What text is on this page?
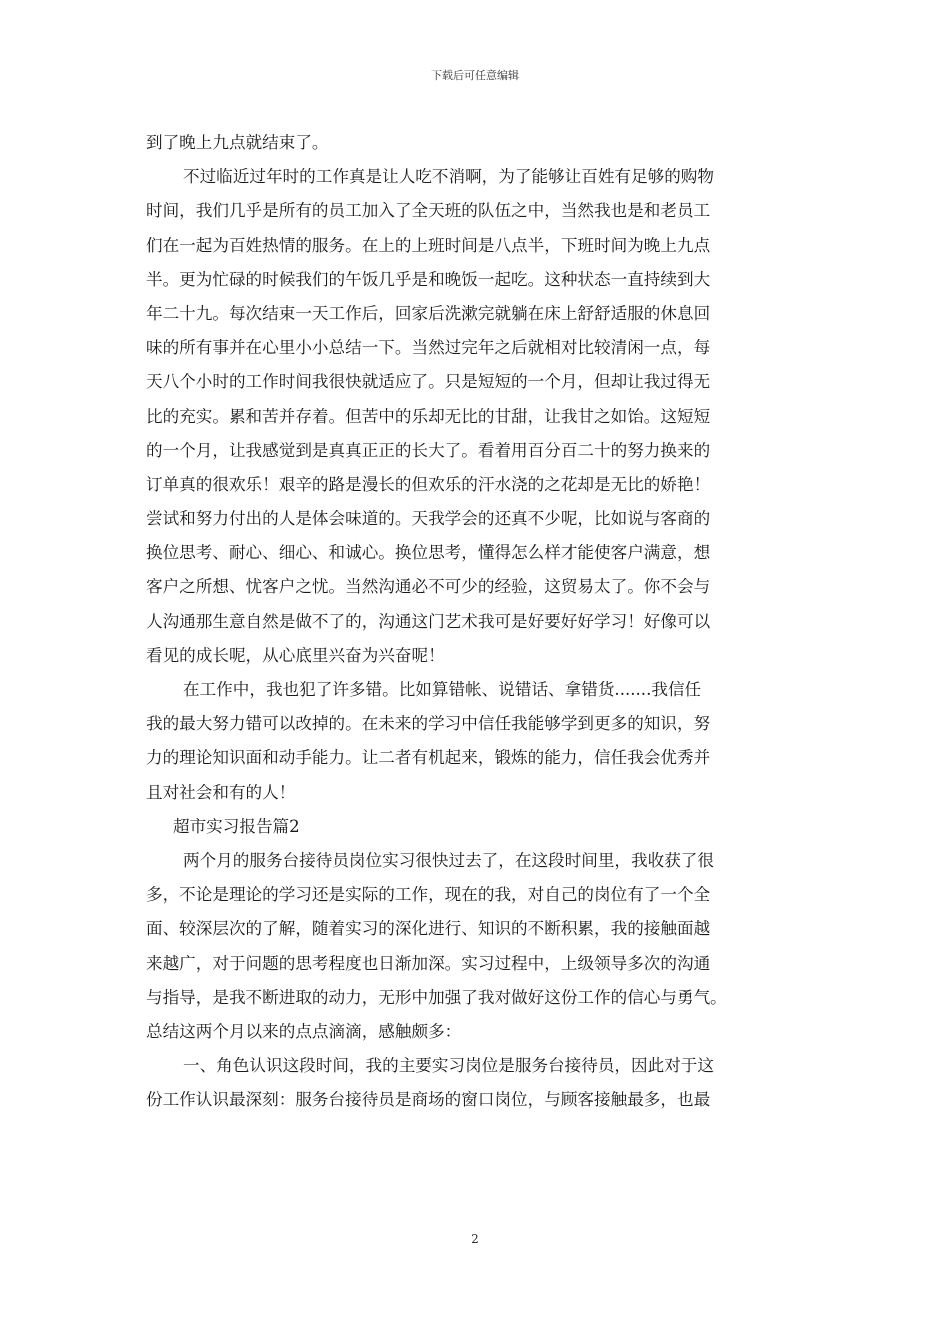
下载后可任意编辑
到了晚上九点就结束了。
不过临近过年时的工作真是让人吃不消啊，为了能够让百姓有足够的购物
时间，我们几乎是所有的员工加入了全天班的队伍之中，当然我也是和老员工
们在一起为百姓热情的服务。在上的上班时间是八点半，下班时间为晚上九点
半。更为忙碌的时候我们的午饭几乎是和晚饭一起吃。这种状态一直持续到大
年二十九。每次结束一天工作后，回家后洗漱完就躺在床上舒舒适服的休息回
味的所有事并在心里小小总结一下。当然过完年之后就相对比较清闲一点，每
天八个小时的工作时间我很快就适应了。只是短短的一个月，但却让我过得无
比的充实。累和苦并存着。但苦中的乐却无比的甘甜，让我甘之如饴。这短短
的一个月，让我感觉到是真真正正的长大了。看着用百分百二十的努力换来的
订单真的很欢乐！艰辛的路是漫长的但欢乐的汗水浇的之花却是无比的娇艳！
尝试和努力付出的人是体会味道的。天我学会的还真不少呢，比如说与客商的
换位思考、耐心、细心、和诚心。换位思考，懂得怎么样才能使客户满意，想
客户之所想、忧客户之忧。当然沟通必不可少的经验，这贸易太了。你不会与
人沟通那生意自然是做不了的，沟通这门艺术我可是好要好好学习！好像可以
看见的成长呢，从心底里兴奋为兴奋呢！
在工作中，我也犯了许多错。比如算错帐、说错话、拿错货.......我信任
我的最大努力错可以改掉的。在未来的学习中信任我能够学到更多的知识，努
力的理论知识面和动手能力。让二者有机起来，锻炼的能力，信任我会优秀并
且对社会和有的人！
超市实习报告篇2
两个月的服务台接待员岗位实习很快过去了，在这段时间里，我收获了很
多，不论是理论的学习还是实际的工作，现在的我，对自己的岗位有了一个全
面、较深层次的了解，随着实习的深化进行、知识的不断积累，我的接触面越
来越广，对于问题的思考程度也日渐加深。实习过程中，上级领导多次的沟通
与指导，是我不断进取的动力，无形中加强了我对做好这份工作的信心与勇气。
总结这两个月以来的点点滴滴，感触颇多：
一、角色认识这段时间，我的主要实习岗位是服务台接待员，因此对于这
份工作认识最深刻：服务台接待员是商场的窗口岗位，与顾客接触最多，也最
2
